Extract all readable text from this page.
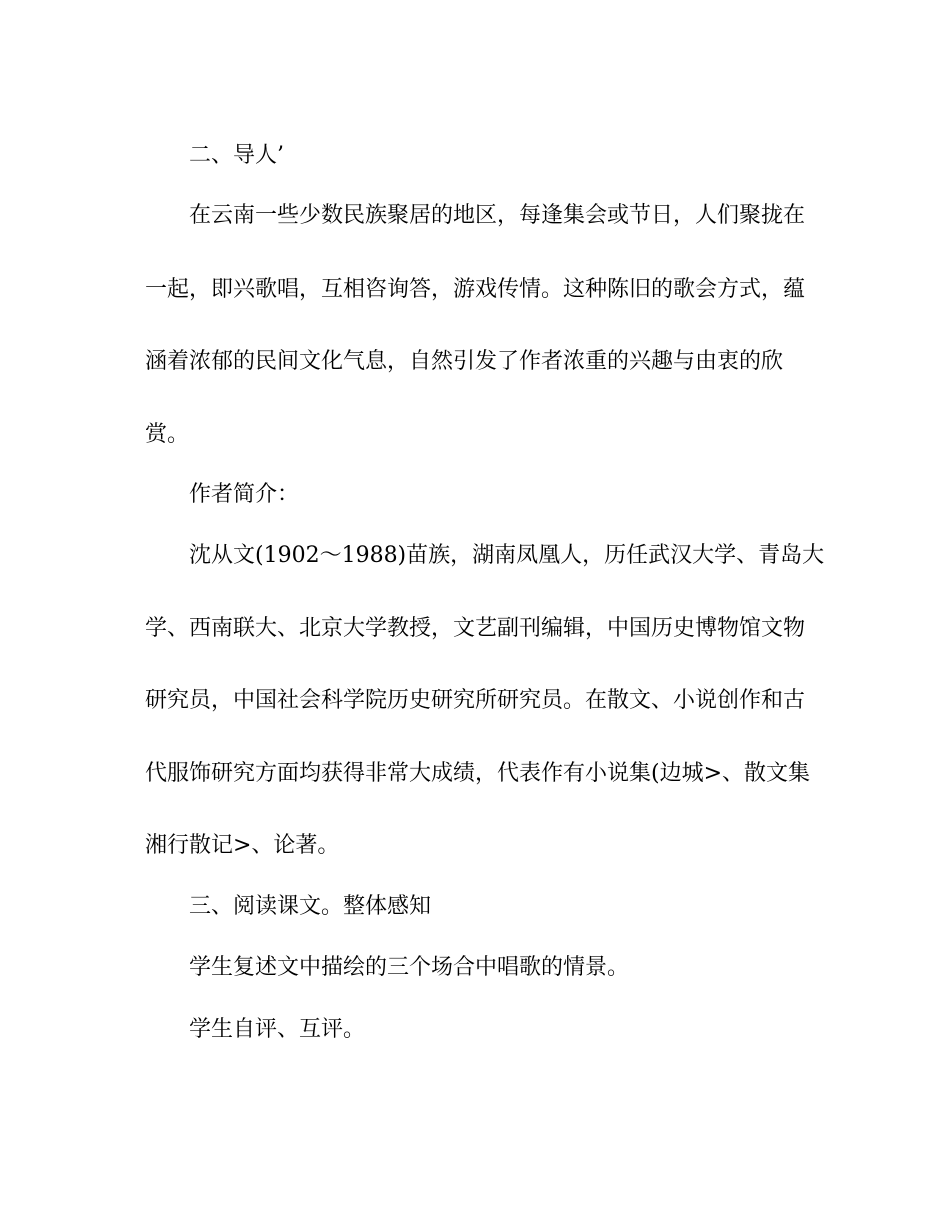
二、导人’
在云南一些少数民族聚居的地区，每逢集会或节日，人们聚拢在
一起，即兴歌唱，互相咨询答，游戏传情。这种陈旧的歌会方式，蕴
涵着浓郁的民间文化气息，自然引发了作者浓重的兴趣与由衷的欣
赏。
作者简介：
沈从文(1902～1988)苗族，湖南凤凰人，历任武汉大学、青岛大
学、西南联大、北京大学教授，文艺副刊编辑，中国历史博物馆文物
研究员，中国社会科学院历史研究所研究员。在散文、小说创作和古
代服饰研究方面均获得非常大成绩，代表作有小说集(边城>、散文集
湘行散记>、论著。
三、阅读课文。整体感知
学生复述文中描绘的三个场合中唱歌的情景。
学生自评、互评。
